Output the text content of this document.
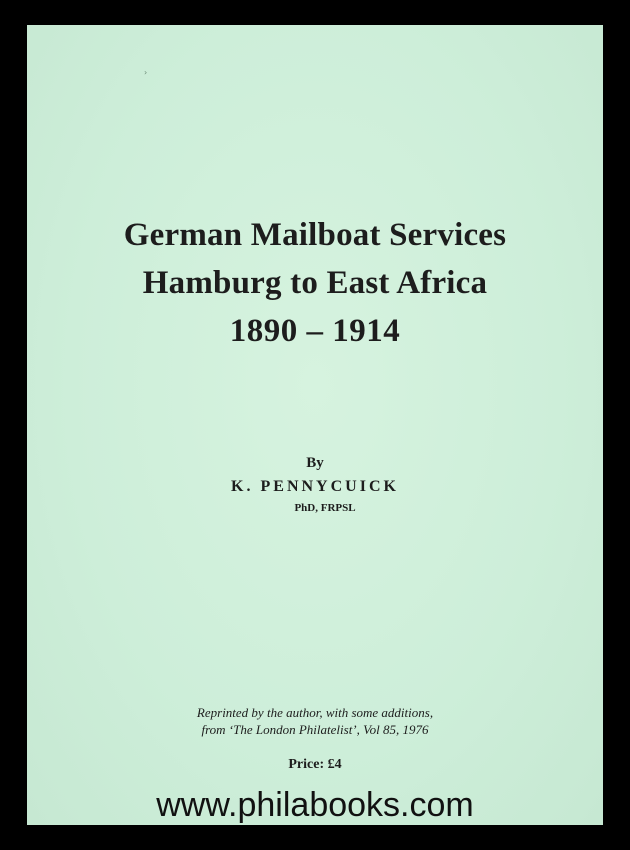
›
German Mailboat Services
Hamburg to East Africa
1890 – 1914
By
K. PENNYCUICK
PhD, FRPSL
Reprinted by the author, with some additions,
from ‘The London Philatelist’, Vol 85, 1976
Price: £4
www.philabooks.com
